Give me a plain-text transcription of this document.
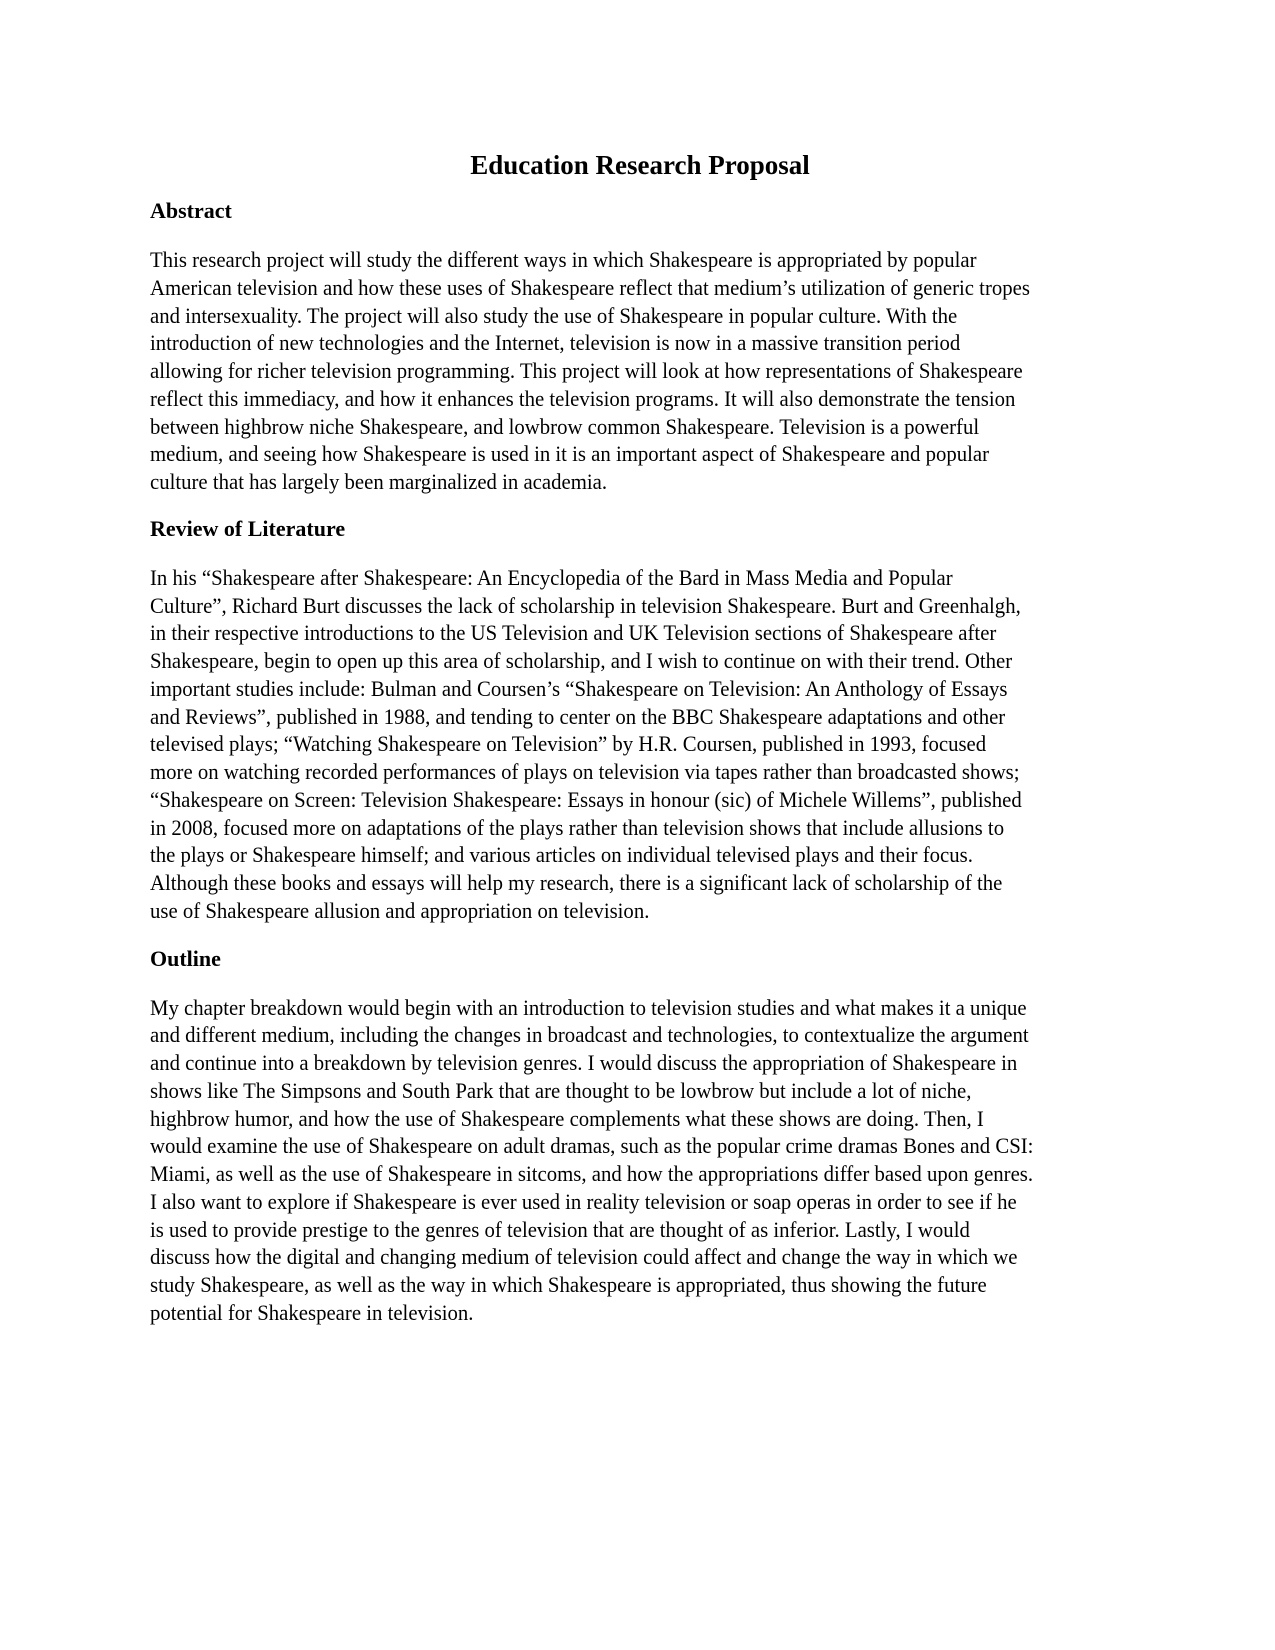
Education Research Proposal
Abstract

This research project will study the different ways in which Shakespeare is appropriated by popular
American television and how these uses of Shakespeare reflect that medium’s utilization of generic tropes
and intersexuality. The project will also study the use of Shakespeare in popular culture. With the
introduction of new technologies and the Internet, television is now in a massive transition period
allowing for richer television programming. This project will look at how representations of Shakespeare
reflect this immediacy, and how it enhances the television programs. It will also demonstrate the tension
between highbrow niche Shakespeare, and lowbrow common Shakespeare. Television is a powerful
medium, and seeing how Shakespeare is used in it is an important aspect of Shakespeare and popular
culture that has largely been marginalized in academia.

Review of Literature

In his “Shakespeare after Shakespeare: An Encyclopedia of the Bard in Mass Media and Popular
Culture”, Richard Burt discusses the lack of scholarship in television Shakespeare. Burt and Greenhalgh,
in their respective introductions to the US Television and UK Television sections of Shakespeare after
Shakespeare, begin to open up this area of scholarship, and I wish to continue on with their trend. Other
important studies include: Bulman and Coursen’s “Shakespeare on Television: An Anthology of Essays
and Reviews”, published in 1988, and tending to center on the BBC Shakespeare adaptations and other
televised plays; “Watching Shakespeare on Television” by H.R. Coursen, published in 1993, focused
more on watching recorded performances of plays on television via tapes rather than broadcasted shows;
“Shakespeare on Screen: Television Shakespeare: Essays in honour (sic) of Michele Willems”, published
in 2008, focused more on adaptations of the plays rather than television shows that include allusions to
the plays or Shakespeare himself; and various articles on individual televised plays and their focus.
Although these books and essays will help my research, there is a significant lack of scholarship of the
use of Shakespeare allusion and appropriation on television.

Outline

My chapter breakdown would begin with an introduction to television studies and what makes it a unique
and different medium, including the changes in broadcast and technologies, to contextualize the argument
and continue into a breakdown by television genres. I would discuss the appropriation of Shakespeare in
shows like The Simpsons and South Park that are thought to be lowbrow but include a lot of niche,
highbrow humor, and how the use of Shakespeare complements what these shows are doing. Then, I
would examine the use of Shakespeare on adult dramas, such as the popular crime dramas Bones and CSI:
Miami, as well as the use of Shakespeare in sitcoms, and how the appropriations differ based upon genres.
I also want to explore if Shakespeare is ever used in reality television or soap operas in order to see if he
is used to provide prestige to the genres of television that are thought of as inferior. Lastly, I would
discuss how the digital and changing medium of television could affect and change the way in which we
study Shakespeare, as well as the way in which Shakespeare is appropriated, thus showing the future
potential for Shakespeare in television.
